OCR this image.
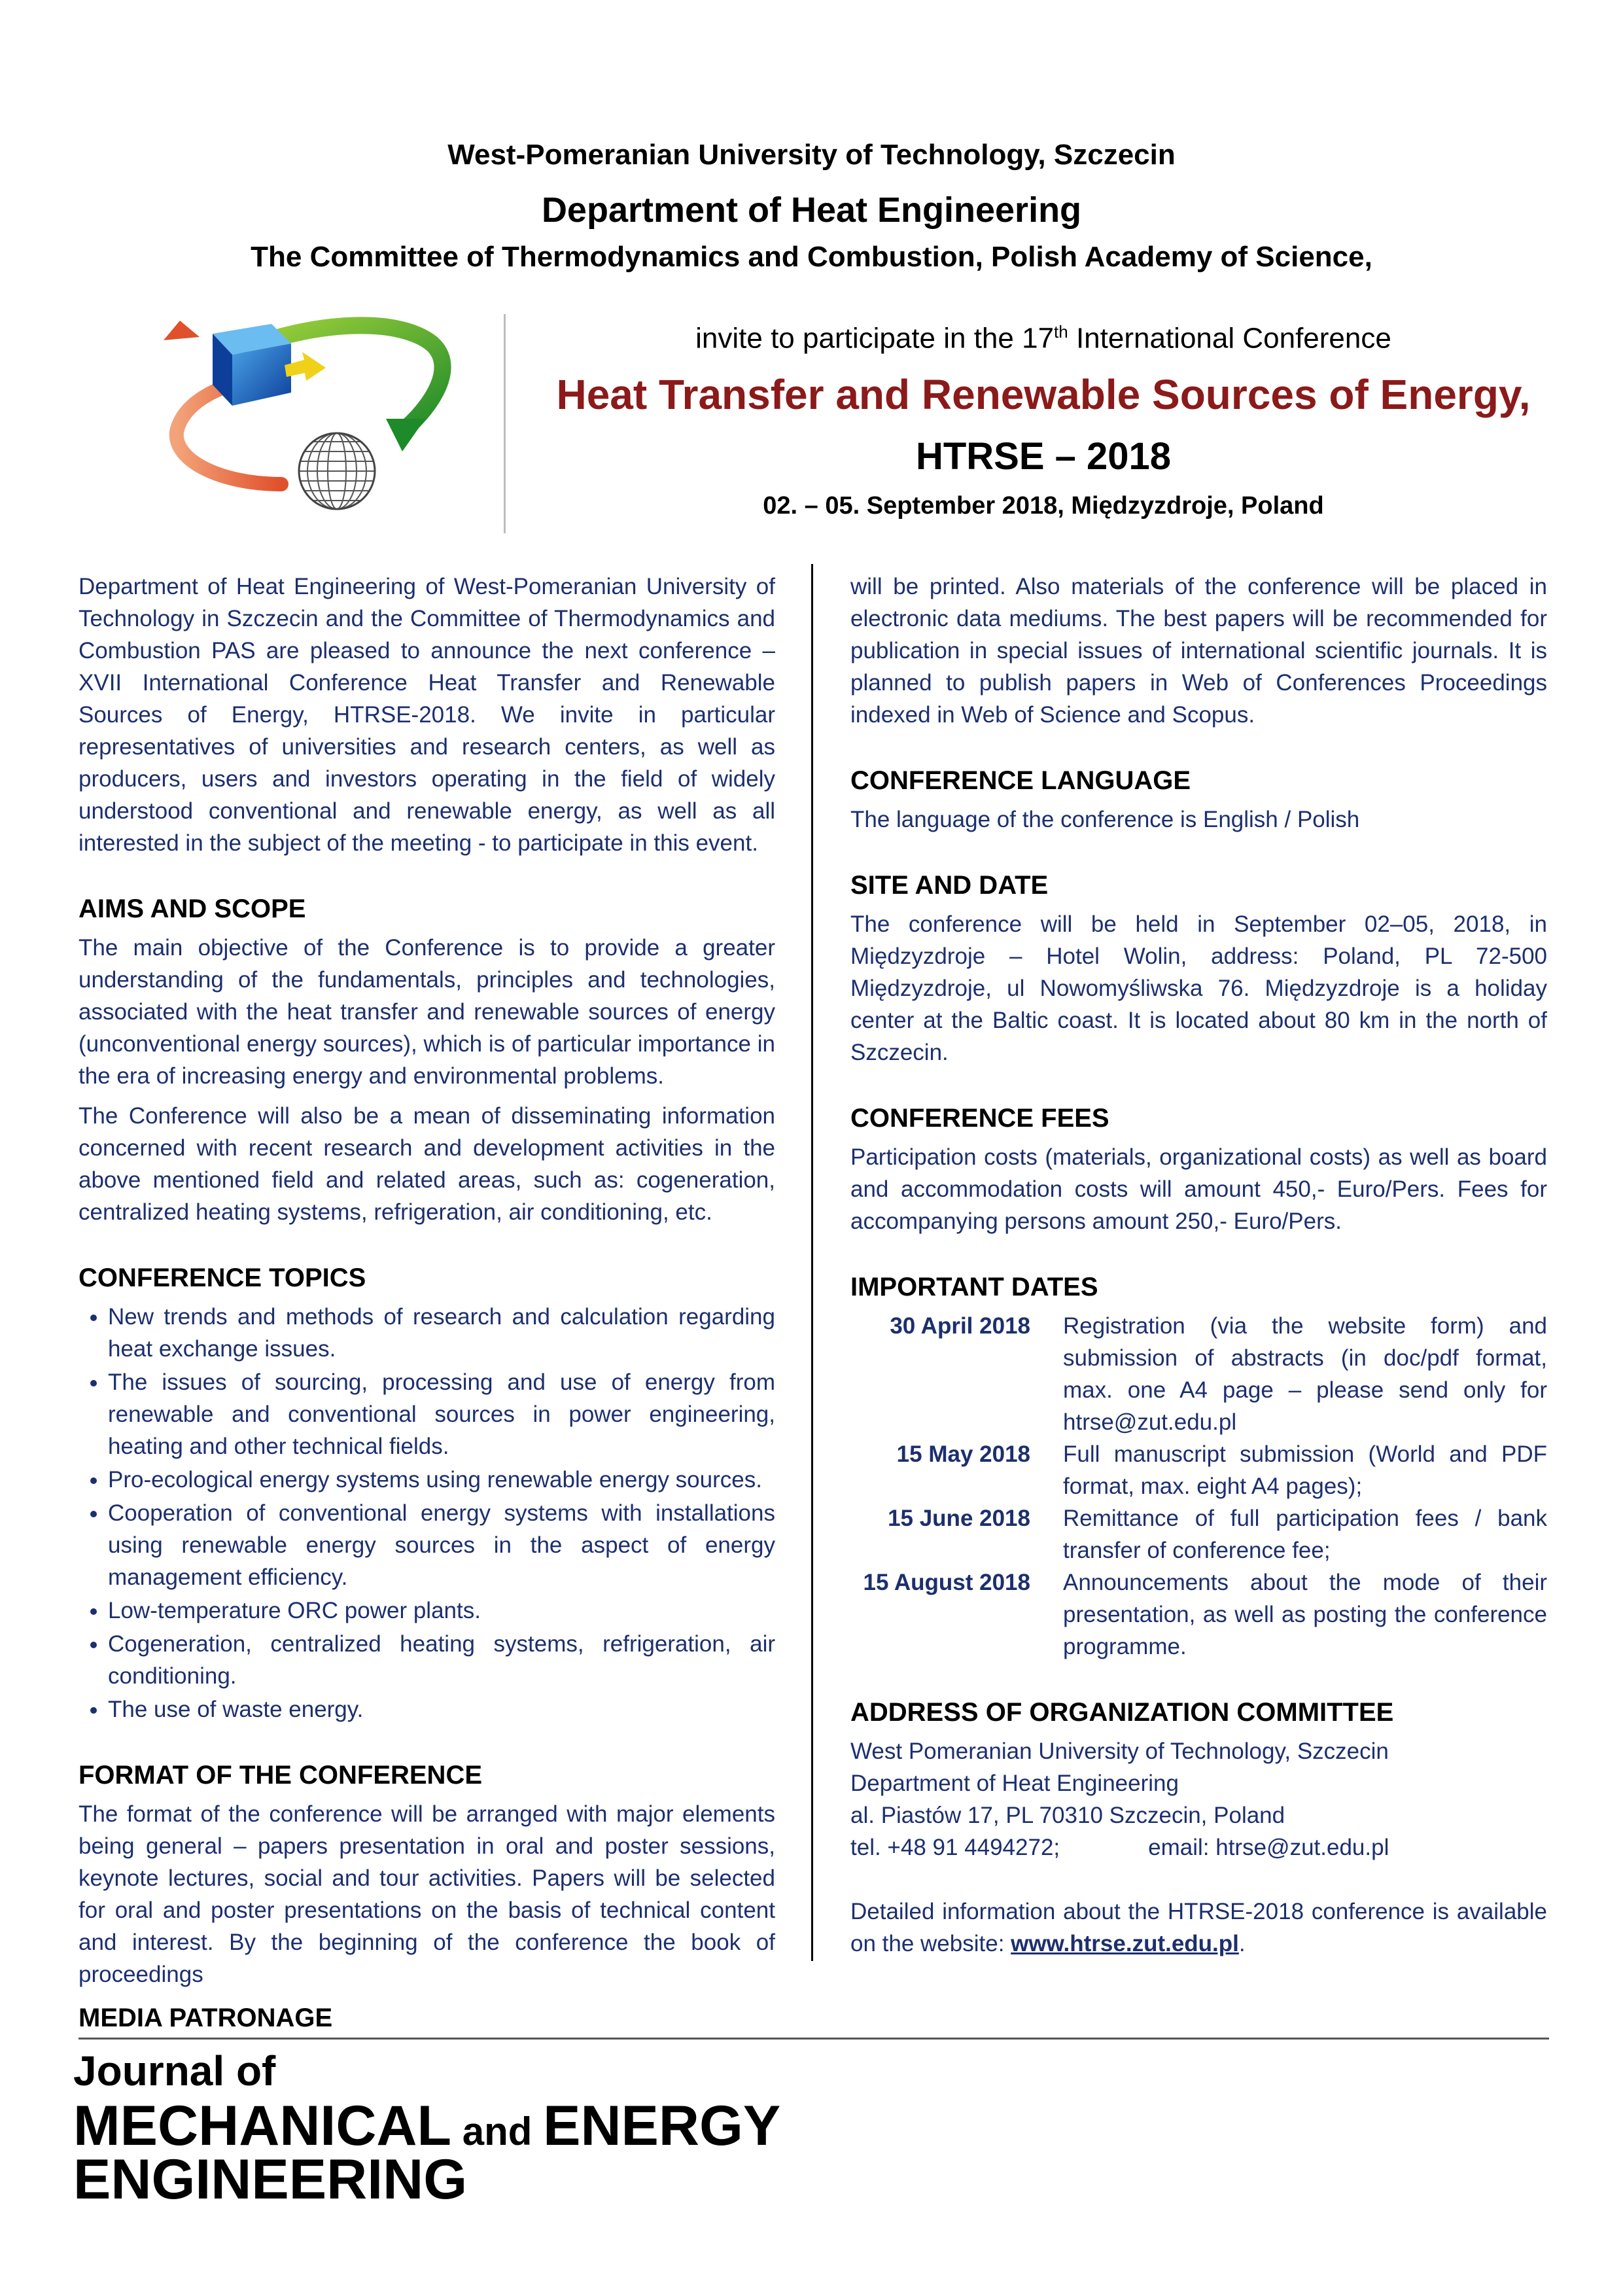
West-Pomeranian University of Technology, Szczecin
Department of Heat Engineering
The Committee of Thermodynamics and Combustion, Polish Academy of Science,
invite to participate in the 17th International Conference
Heat Transfer and Renewable Sources of Energy,
HTRSE – 2018
02. – 05. September 2018, Międzyzdroje, Poland

Department of Heat Engineering of West-Pomeranian University of Technology in Szczecin and the Committee of Thermodynamics and Combustion PAS are pleased to announce the next conference – XVII International Conference Heat Transfer and Renewable Sources of Energy, HTRSE-2018. We invite in particular representatives of universities and research centers, as well as producers, users and investors operating in the field of widely understood conventional and renewable energy, as well as all interested in the subject of the meeting - to participate in this event.

AIMS AND SCOPE

The main objective of the Conference is to provide a greater understanding of the fundamentals, principles and technologies, associated with the heat transfer and renewable sources of energy (unconventional energy sources), which is of particular importance in the era of increasing energy and environmental problems.

The Conference will also be a mean of disseminating information concerned with recent research and development activities in the above mentioned field and related areas, such as: cogeneration, centralized heating systems, refrigeration, air conditioning, etc.

CONFERENCE TOPICS
• New trends and methods of research and calculation regarding heat exchange issues.
• The issues of sourcing, processing and use of energy from renewable and conventional sources in power engineering, heating and other technical fields.
• Pro-ecological energy systems using renewable energy sources.
• Cooperation of conventional energy systems with installations using renewable energy sources in the aspect of energy management efficiency.
• Low-temperature ORC power plants.
• Cogeneration, centralized heating systems, refrigeration, air conditioning.
• The use of waste energy.
FORMAT OF THE CONFERENCE

The format of the conference will be arranged with major elements being general – papers presentation in oral and poster sessions, keynote lectures, social and tour activities. Papers will be selected for oral and poster presentations on the basis of technical content and interest. By the beginning of the conference the book of proceedings

will be printed. Also materials of the conference will be placed in electronic data mediums. The best papers will be recommended for publication in special issues of international scientific journals. It is planned to publish papers in Web of Conferences Proceedings indexed in Web of Science and Scopus.

CONFERENCE LANGUAGE

The language of the conference is English / Polish

SITE AND DATE

The conference will be held in September 02–05, 2018, in Międzyzdroje – Hotel Wolin, address: Poland, PL 72-500 Międzyzdroje, ul Nowomyśliwska 76. Międzyzdroje is a holiday center at the Baltic coast. It is located about 80 km in the north of Szczecin.

CONFERENCE FEES

Participation costs (materials, organizational costs) as well as board and accommodation costs will amount 450,- Euro/Pers. Fees for accompanying persons amount 250,- Euro/Pers.

IMPORTANT DATES
30 April 2018	Registration (via the website form) and submission of abstracts (in doc/pdf format, max. one A4 page – please send only for htrse@zut.edu.pl
15 May 2018	Full manuscript submission (World and PDF format, max. eight A4 pages);
15 June 2018	Remittance of full participation fees / bank transfer of conference fee;
15 August 2018	Announcements about the mode of their presentation, as well as posting the conference programme.
ADDRESS OF ORGANIZATION COMMITTEE

West Pomeranian University of Technology, Szczecin

Department of Heat Engineering

al. Piastów 17, PL 70310 Szczecin, Poland

tel. +48 91 4494272;	email: htrse@zut.edu.pl

Detailed information about the HTRSE-2018 conference is available on the website: www.htrse.zut.edu.pl.

MEDIA PATRONAGE
Journal of
MECHANICAL and ENERGY
ENGINEERING
